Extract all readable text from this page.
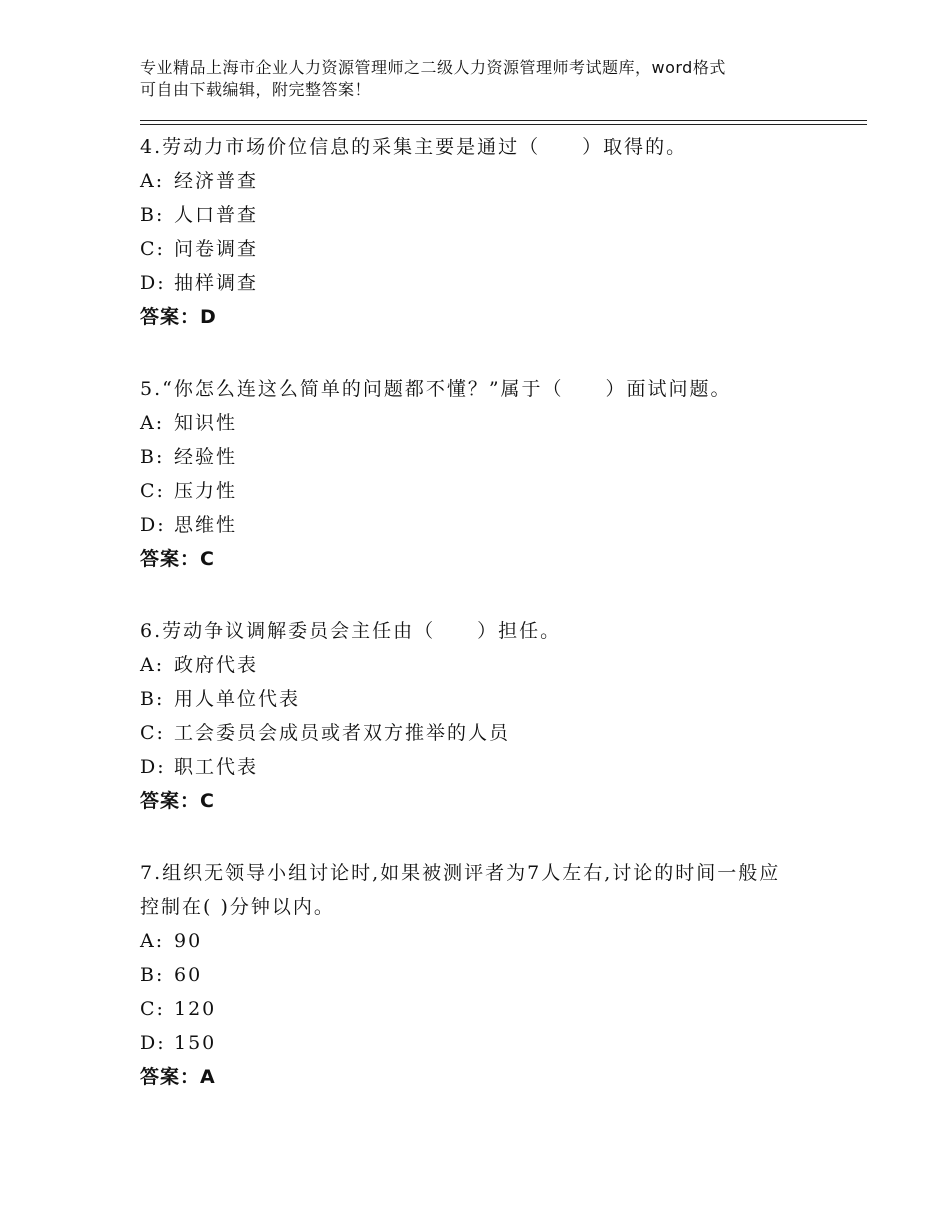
专业精品上海市企业人力资源管理师之二级人力资源管理师考试题库，word格式
可自由下载编辑，附完整答案！

4.劳动力市场价位信息的采集主要是通过（　　）取得的。

A: 经济普查
B: 人口普查
C: 问卷调查
D: 抽样调查

答案：D

5.“你怎么连这么简单的问题都不懂？”属于（　　）面试问题。

A: 知识性
B: 经验性
C: 压力性
D: 思维性

答案：C

6.劳动争议调解委员会主任由（　　）担任。

A: 政府代表
B: 用人单位代表
C: 工会委员会成员或者双方推举的人员
D: 职工代表

答案：C

7.组织无领导小组讨论时,如果被测评者为7人左右,讨论的时间一般应控制在( )分钟以内。

A: 90
B: 60
C: 120
D: 150

答案：A
